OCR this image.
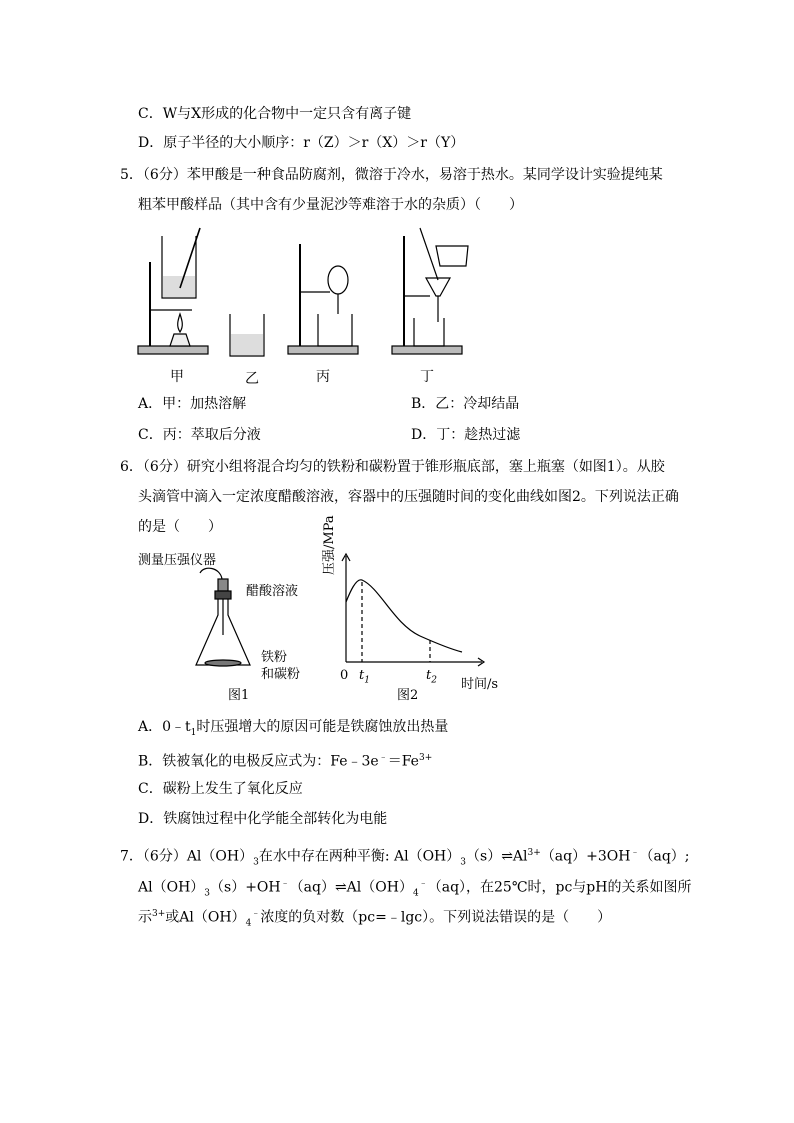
C．W与X形成的化合物中一定只含有离子键
D．原子半径的大小顺序：r（Z）＞r（X）＞r（Y）
5．（6分）苯甲酸是一种食品防腐剂，微溶于冷水，易溶于热水。某同学设计实验提纯某
粗苯甲酸样品（其中含有少量泥沙等难溶于水的杂质）（　　）
甲	乙	丙	丁
A．甲：加热溶解	B．乙：冷却结晶
C．丙：萃取后分液	D．丁：趁热过滤
6．（6分）研究小组将混合均匀的铁粉和碳粉置于锥形瓶底部，塞上瓶塞（如图1）。从胶
头滴管中滴入一定浓度醋酸溶液，容器中的压强随时间的变化曲线如图2。下列说法正确
的是（　　）
测量压强仪器
醋酸溶液
铁粉
和碳粉
图1
压强/MPa
0 $t_1$	$t_2$ 时间/s
图2
A．$0﹣t_1$时压强增大的原因可能是铁腐蚀放出热量
B．铁被氧化的电极反应式为：$Fe﹣3e^﹣=Fe^{3+}$
C．碳粉上发生了氧化反应
D．铁腐蚀过程中化学能全部转化为电能
7．（6分）$Al(OH)_3$在水中存在两种平衡: $Al(OH)_3(s)\rightleftharpoons Al^{3+}(aq)+3OH^﹣(aq)$;
$Al(OH)_3(s)+OH^﹣(aq)\rightleftharpoons Al(OH)_4^﹣(aq)$，在25℃时，pc与pH的关系如图所
示$^{3+}$或$Al(OH)_4^﹣$浓度的负对数（pc=﹣lgc）。下列说法错误的是（　　）
